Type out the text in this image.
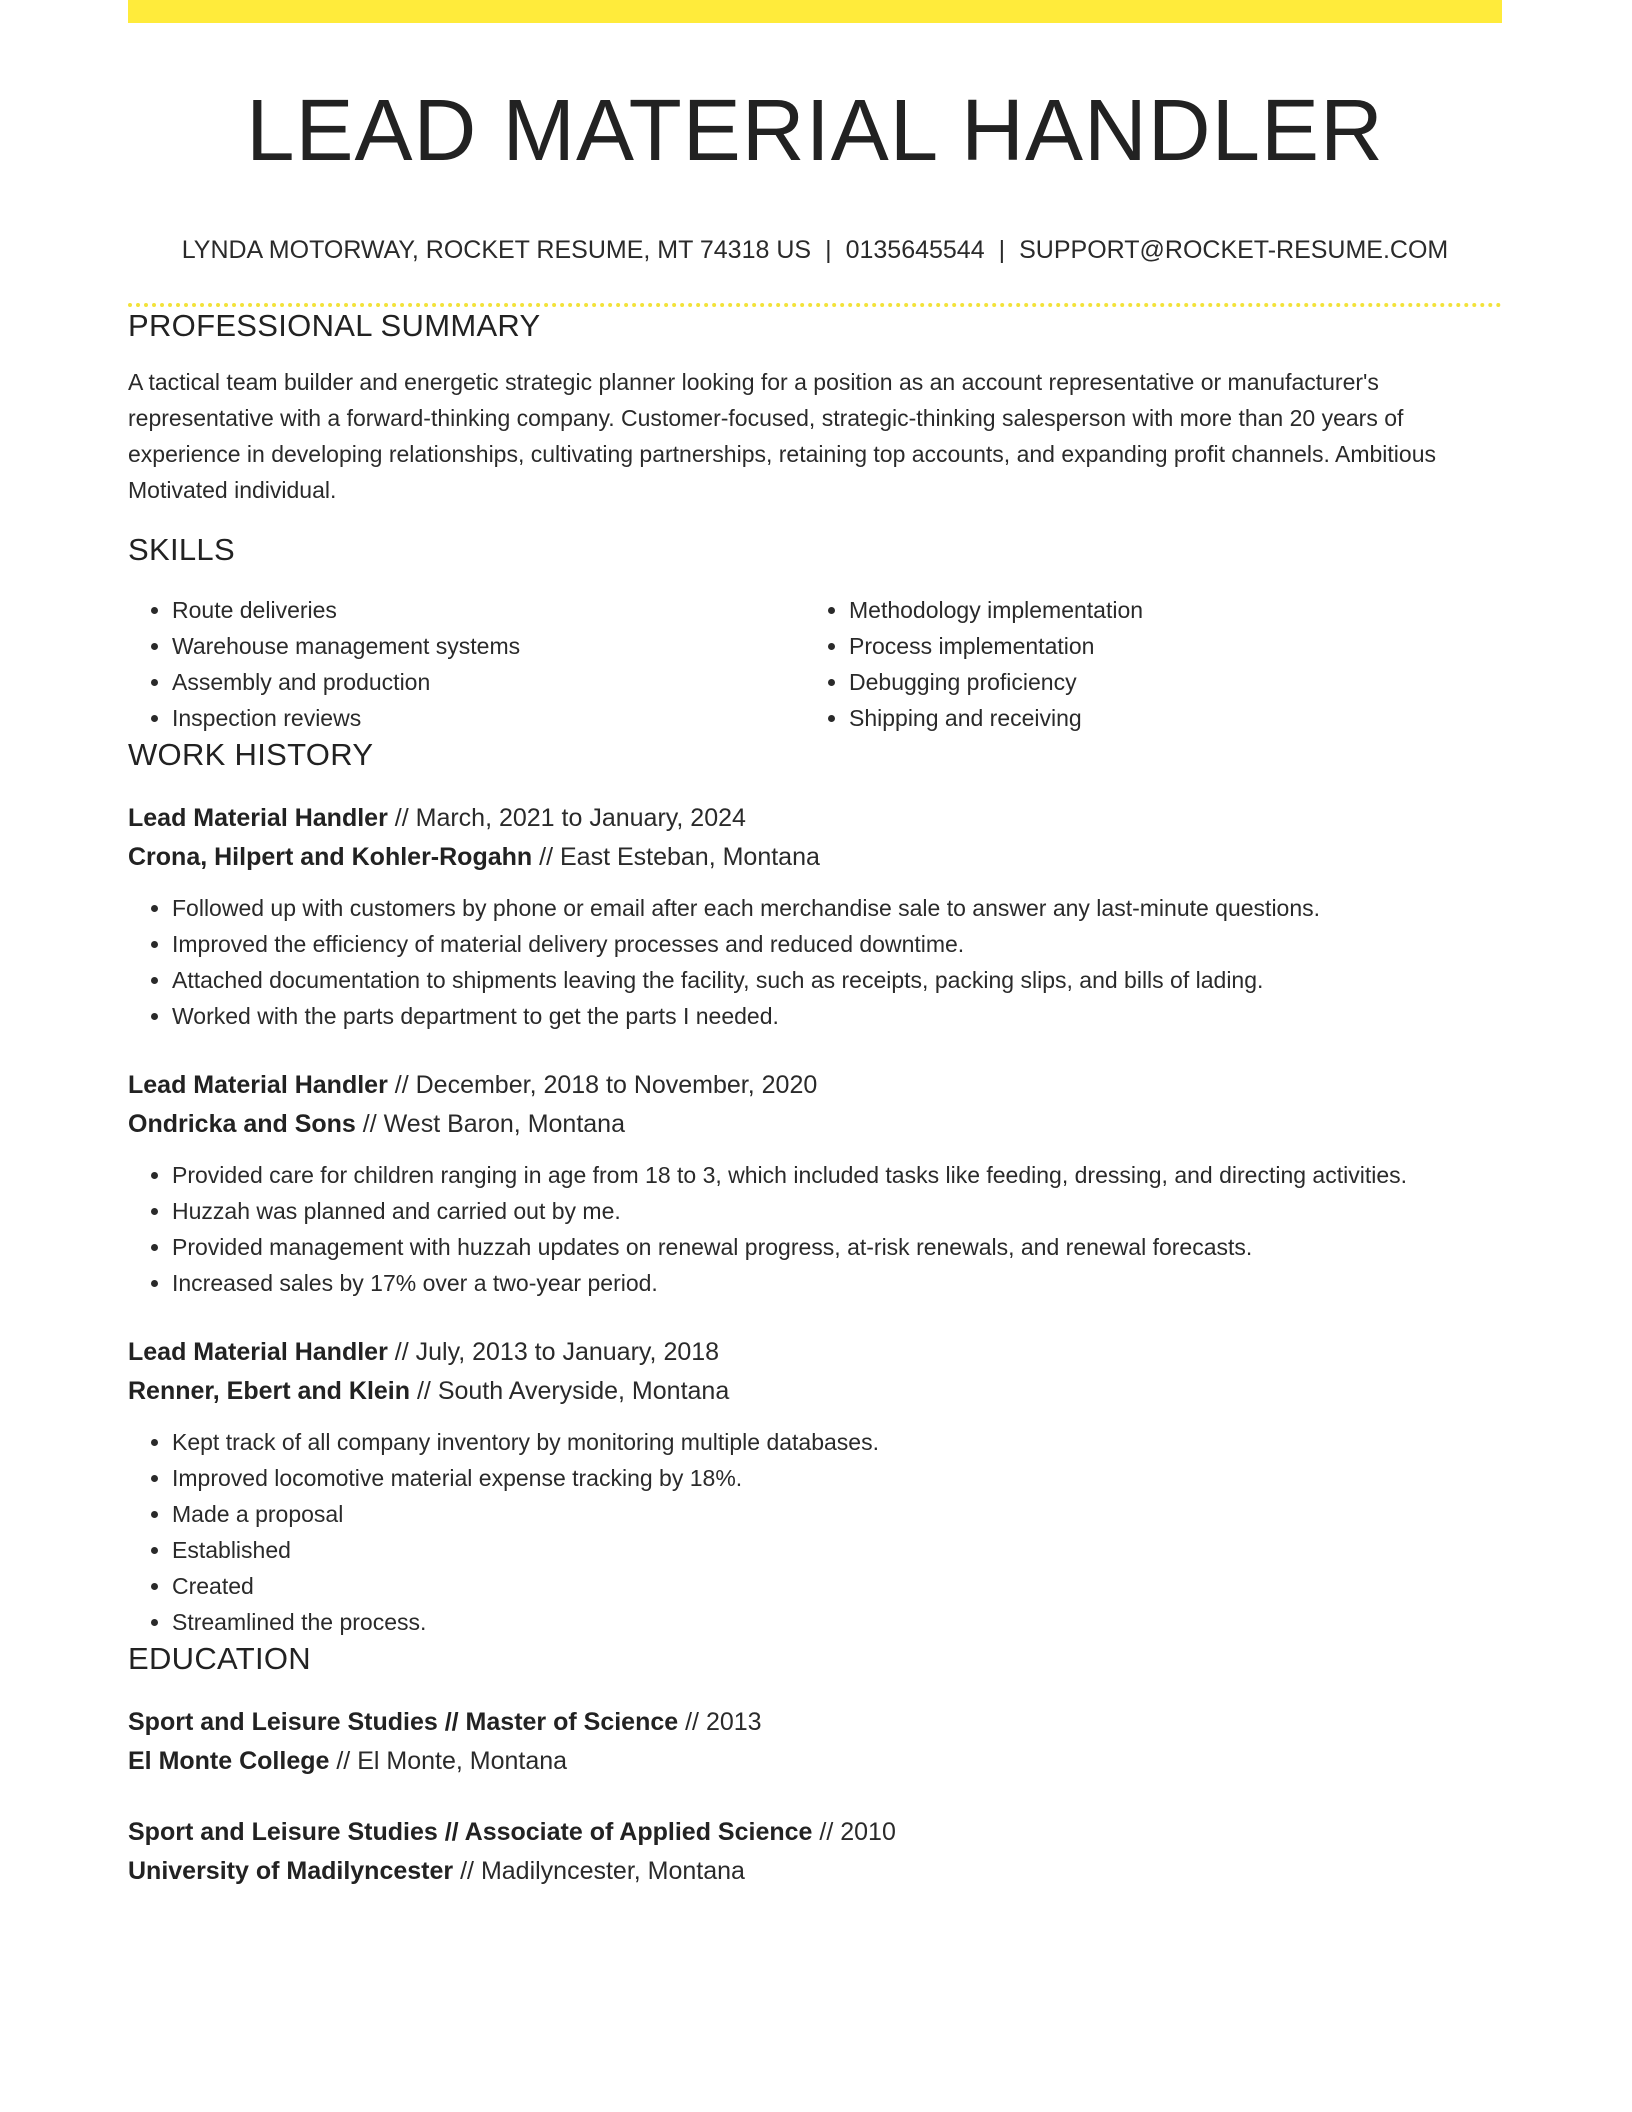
LEAD MATERIAL HANDLER
LYNDA MOTORWAY, ROCKET RESUME, MT 74318 US | 0135645544 | SUPPORT@ROCKET-RESUME.COM
PROFESSIONAL SUMMARY

A tactical team builder and energetic strategic planner looking for a position as an account representative or manufacturer's representative with a forward-thinking company. Customer-focused, strategic-thinking salesperson with more than 20 years of experience in developing relationships, cultivating partnerships, retaining top accounts, and expanding profit channels. Ambitious Motivated individual.

SKILLS
• Route deliveries
• Warehouse management systems
• Assembly and production
• Inspection reviews
• Methodology implementation
• Process implementation
• Debugging proficiency
• Shipping and receiving
WORK HISTORY
Lead Material Handler // March, 2021 to January, 2024
Crona, Hilpert and Kohler-Rogahn // East Esteban, Montana
• Followed up with customers by phone or email after each merchandise sale to answer any last-minute questions.
• Improved the efficiency of material delivery processes and reduced downtime.
• Attached documentation to shipments leaving the facility, such as receipts, packing slips, and bills of lading.
• Worked with the parts department to get the parts I needed.
Lead Material Handler // December, 2018 to November, 2020
Ondricka and Sons // West Baron, Montana
• Provided care for children ranging in age from 18 to 3, which included tasks like feeding, dressing, and directing activities.
• Huzzah was planned and carried out by me.
• Provided management with huzzah updates on renewal progress, at-risk renewals, and renewal forecasts.
• Increased sales by 17% over a two-year period.
Lead Material Handler // July, 2013 to January, 2018
Renner, Ebert and Klein // South Averyside, Montana
• Kept track of all company inventory by monitoring multiple databases.
• Improved locomotive material expense tracking by 18%.
• Made a proposal
• Established
• Created
• Streamlined the process.
EDUCATION
Sport and Leisure Studies // Master of Science // 2013
El Monte College // El Monte, Montana
Sport and Leisure Studies // Associate of Applied Science // 2010
University of Madilyncester // Madilyncester, Montana
